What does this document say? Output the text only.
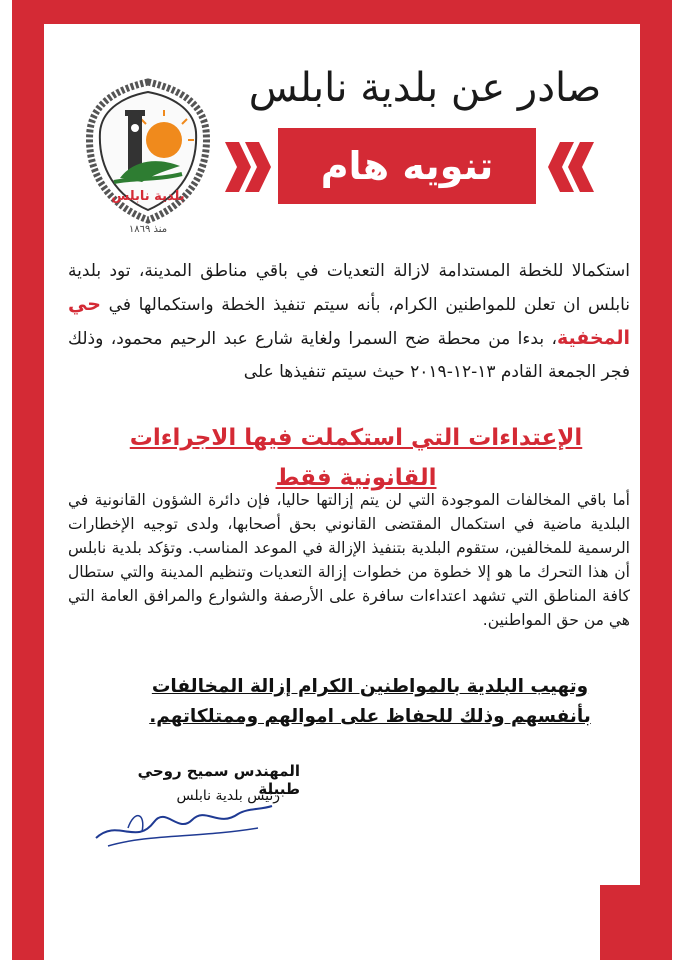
صادر عن بلدية نابلس
تنويه هام
بلدية نابلس
منذ ١٨٦٩

استكمالا للخطة المستدامة لازالة التعديات في باقي مناطق المدينة، تود بلدية نابلس ان تعلن للمواطنين الكرام، بأنه سيتم تنفيذ الخطة واستكمالها في حي المخفية، بدءا من محطة ضح السمرا ولغاية شارع عبد الرحيم محمود، وذلك فجر الجمعة القادم ١٣-١٢-٢٠١٩ حيث سيتم تنفيذها على

الإعتداءات التي استكملت فيها الاجراءات القانونية فقط

أما باقي المخالفات الموجودة التي لن يتم إزالتها حاليا، فإن دائرة الشؤون القانونية في البلدية ماضية في استكمال المقتضى القانوني بحق أصحابها، ولدى توجيه الإخطارات الرسمية للمخالفين، ستقوم البلدية بتنفيذ الإزالة في الموعد المناسب. وتؤكد بلدية نابلس أن هذا التحرك ما هو إلا خطوة من خطوات إزالة التعديات وتنظيم المدينة والتي ستطال كافة المناطق التي تشهد اعتداءات سافرة على الأرصفة والشوارع والمرافق العامة التي هي من حق المواطنين.

وتهيب البلدية بالمواطنين الكرام إزالة المخالفات بأنفسهم وذلك للحفاظ على اموالهم وممتلكاتهم.
المهندس سميح روحي طبيلة
رئيس بلدية نابلس
